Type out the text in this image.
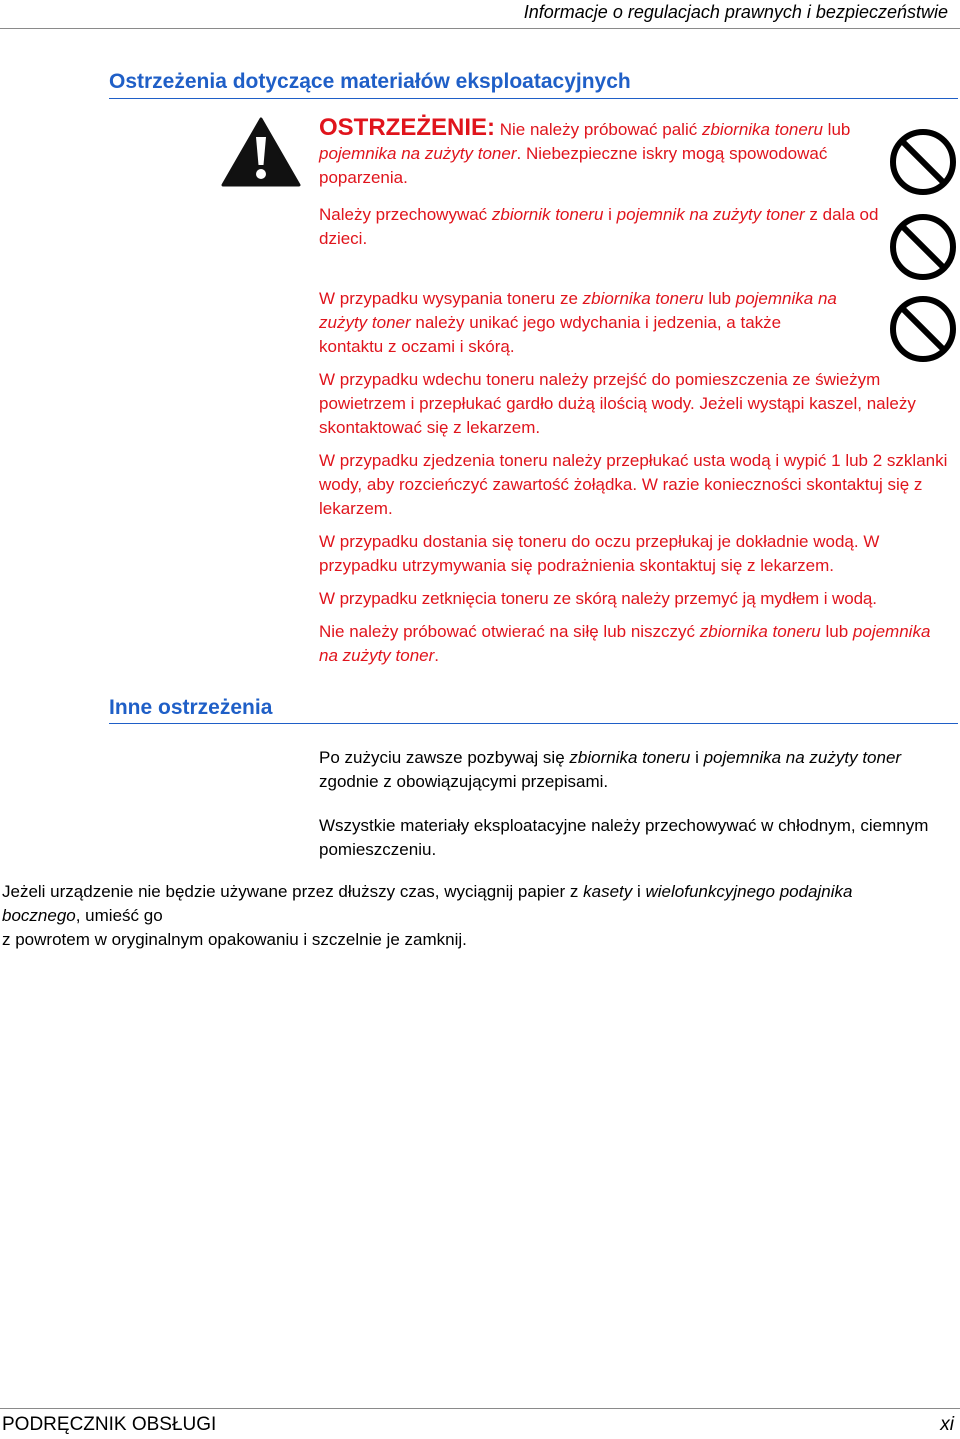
Informacje o regulacjach prawnych i bezpieczeństwie
Ostrzeżenia dotyczące materiałów eksploatacyjnych
OSTRZEŻENIE: Nie należy próbować palić zbiornika toneru lub pojemnika na zużyty toner. Niebezpieczne iskry mogą spowodować poparzenia.
Należy przechowywać zbiornik toneru i pojemnik na zużyty toner z dala od dzieci.
W przypadku wysypania toneru ze zbiornika toneru lub pojemnika na zużyty toner należy unikać jego wdychania i jedzenia, a także kontaktu z oczami i skórą.
W przypadku wdechu toneru należy przejść do pomieszczenia ze świeżym powietrzem i przepłukać gardło dużą ilością wody. Jeżeli wystąpi kaszel, należy skontaktować się z lekarzem.
W przypadku zjedzenia toneru należy przepłukać usta wodą i wypić 1 lub 2 szklanki wody, aby rozcieńczyć zawartość żołądka. W razie konieczności skontaktuj się z lekarzem.
W przypadku dostania się toneru do oczu przepłukaj je dokładnie wodą. W przypadku utrzymywania się podrażnienia skontaktuj się z lekarzem.
W przypadku zetknięcia toneru ze skórą należy przemyć ją mydłem i wodą.
Nie należy próbować otwierać na siłę lub niszczyć zbiornika toneru lub pojemnika na zużyty toner.
Inne ostrzeżenia
Po zużyciu zawsze pozbywaj się zbiornika toneru i pojemnika na zużyty toner zgodnie z obowiązującymi przepisami.
Wszystkie materiały eksploatacyjne należy przechowywać w chłodnym, ciemnym pomieszczeniu.
Jeżeli urządzenie nie będzie używane przez dłuższy czas, wyciągnij papier z kasety i wielofunkcyjnego podajnika bocznego, umieść go
z powrotem w oryginalnym opakowaniu i szczelnie je zamknij.
PODRĘCZNIK OBSŁUGI	xi
